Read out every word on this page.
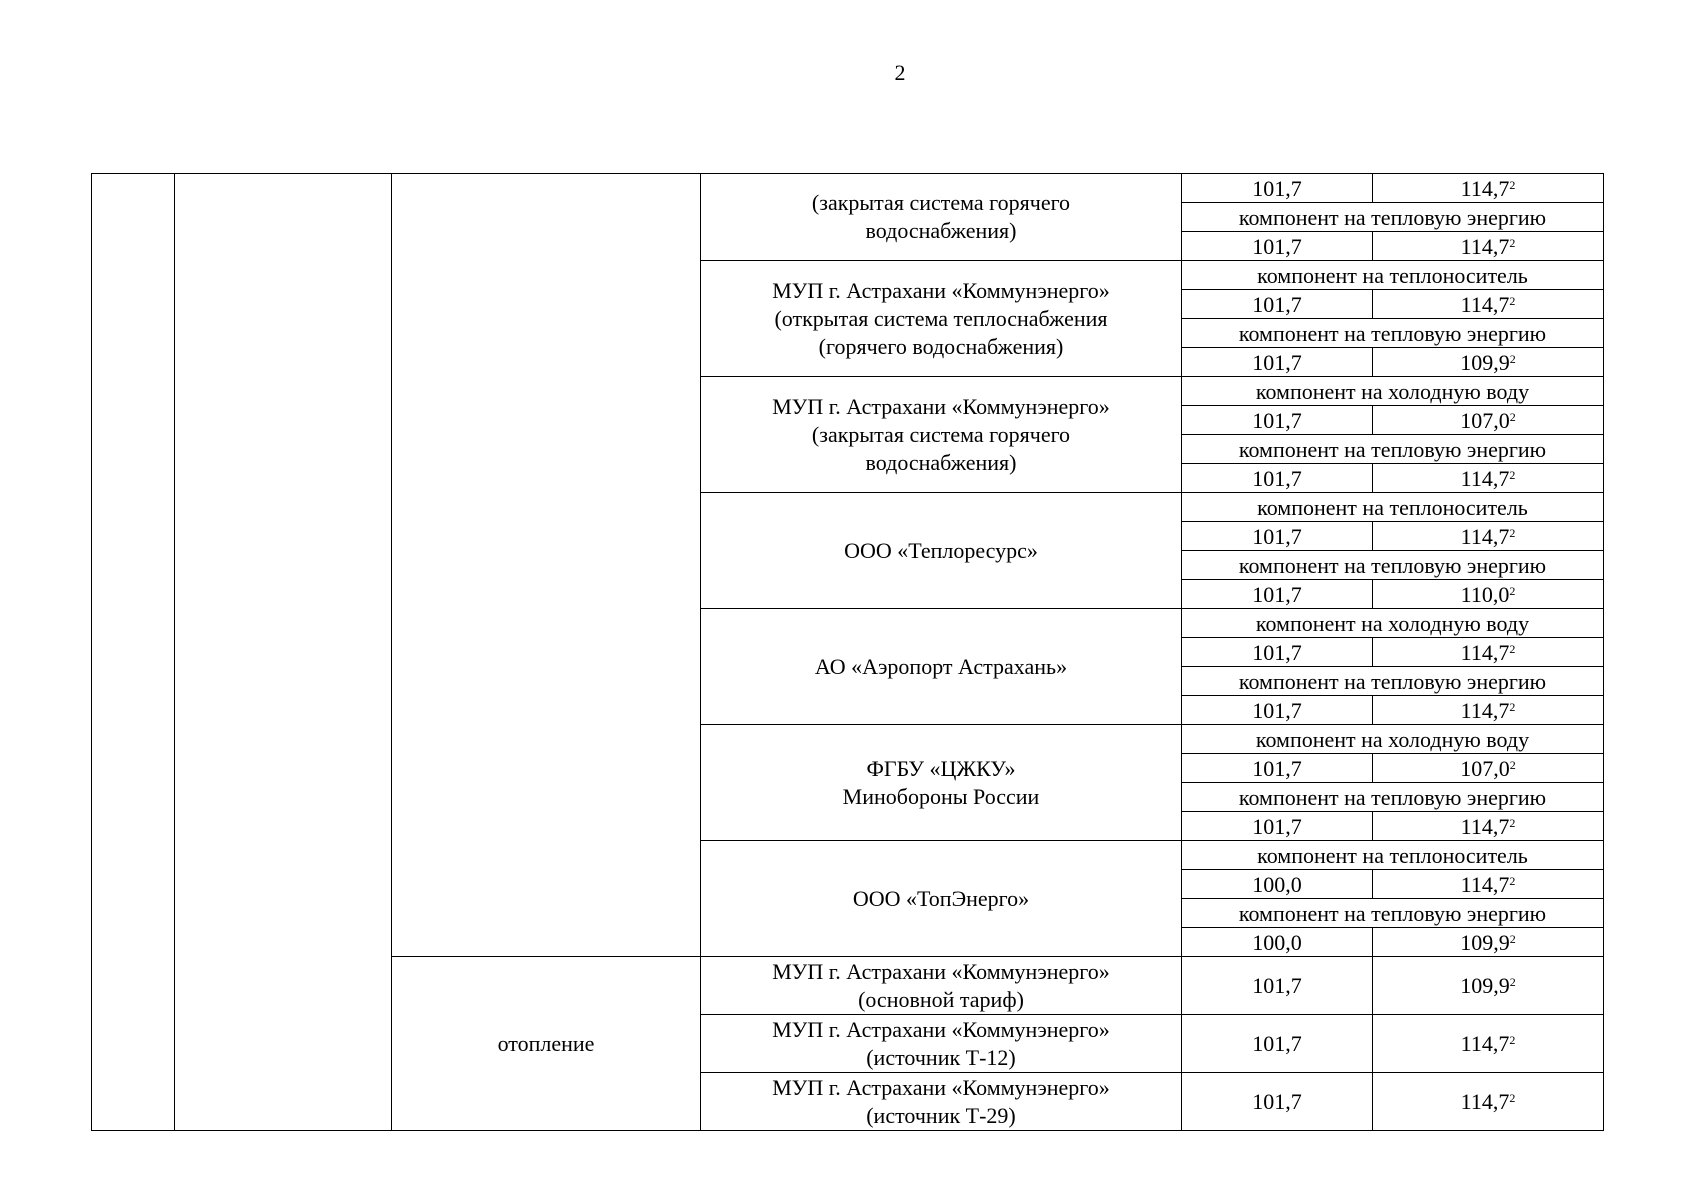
2
			(закрытая система горячего
водоснабжения)	101,7	114,7$^2$
				компонент на тепловую энергию	
				101,7	114,7$^2$
			МУП г. Астрахани «Коммунэнерго»
(открытая система теплоснабжения
(горячего водоснабжения)	компонент на теплоноситель	
				101,7	114,7$^2$
				компонент на тепловую энергию	
				101,7	109,9$^2$
			МУП г. Астрахани «Коммунэнерго»
(закрытая система горячего
водоснабжения)	компонент на холодную воду	
				101,7	107,0$^2$
				компонент на тепловую энергию	
				101,7	114,7$^2$
			ООО «Теплоресурс»	компонент на теплоноситель	
				101,7	114,7$^2$
				компонент на тепловую энергию	
				101,7	110,0$^2$
			АО «Аэропорт Астрахань»	компонент на холодную воду	
				101,7	114,7$^2$
				компонент на тепловую энергию	
				101,7	114,7$^2$
			ФГБУ «ЦЖКУ»
Минобороны России	компонент на холодную воду	
				101,7	107,0$^2$
				компонент на тепловую энергию	
				101,7	114,7$^2$
			ООО «ТопЭнерго»	компонент на теплоноситель	
				100,0	114,7$^2$
				компонент на тепловую энергию	
				100,0	109,9$^2$
		отопление	МУП г. Астрахани «Коммунэнерго»
(основной тариф)	101,7	109,9$^2$
			МУП г. Астрахани «Коммунэнерго»
(источник Т-12)	101,7	114,7$^2$
			МУП г. Астрахани «Коммунэнерго»
(источник Т-29)	101,7	114,7$^2$
